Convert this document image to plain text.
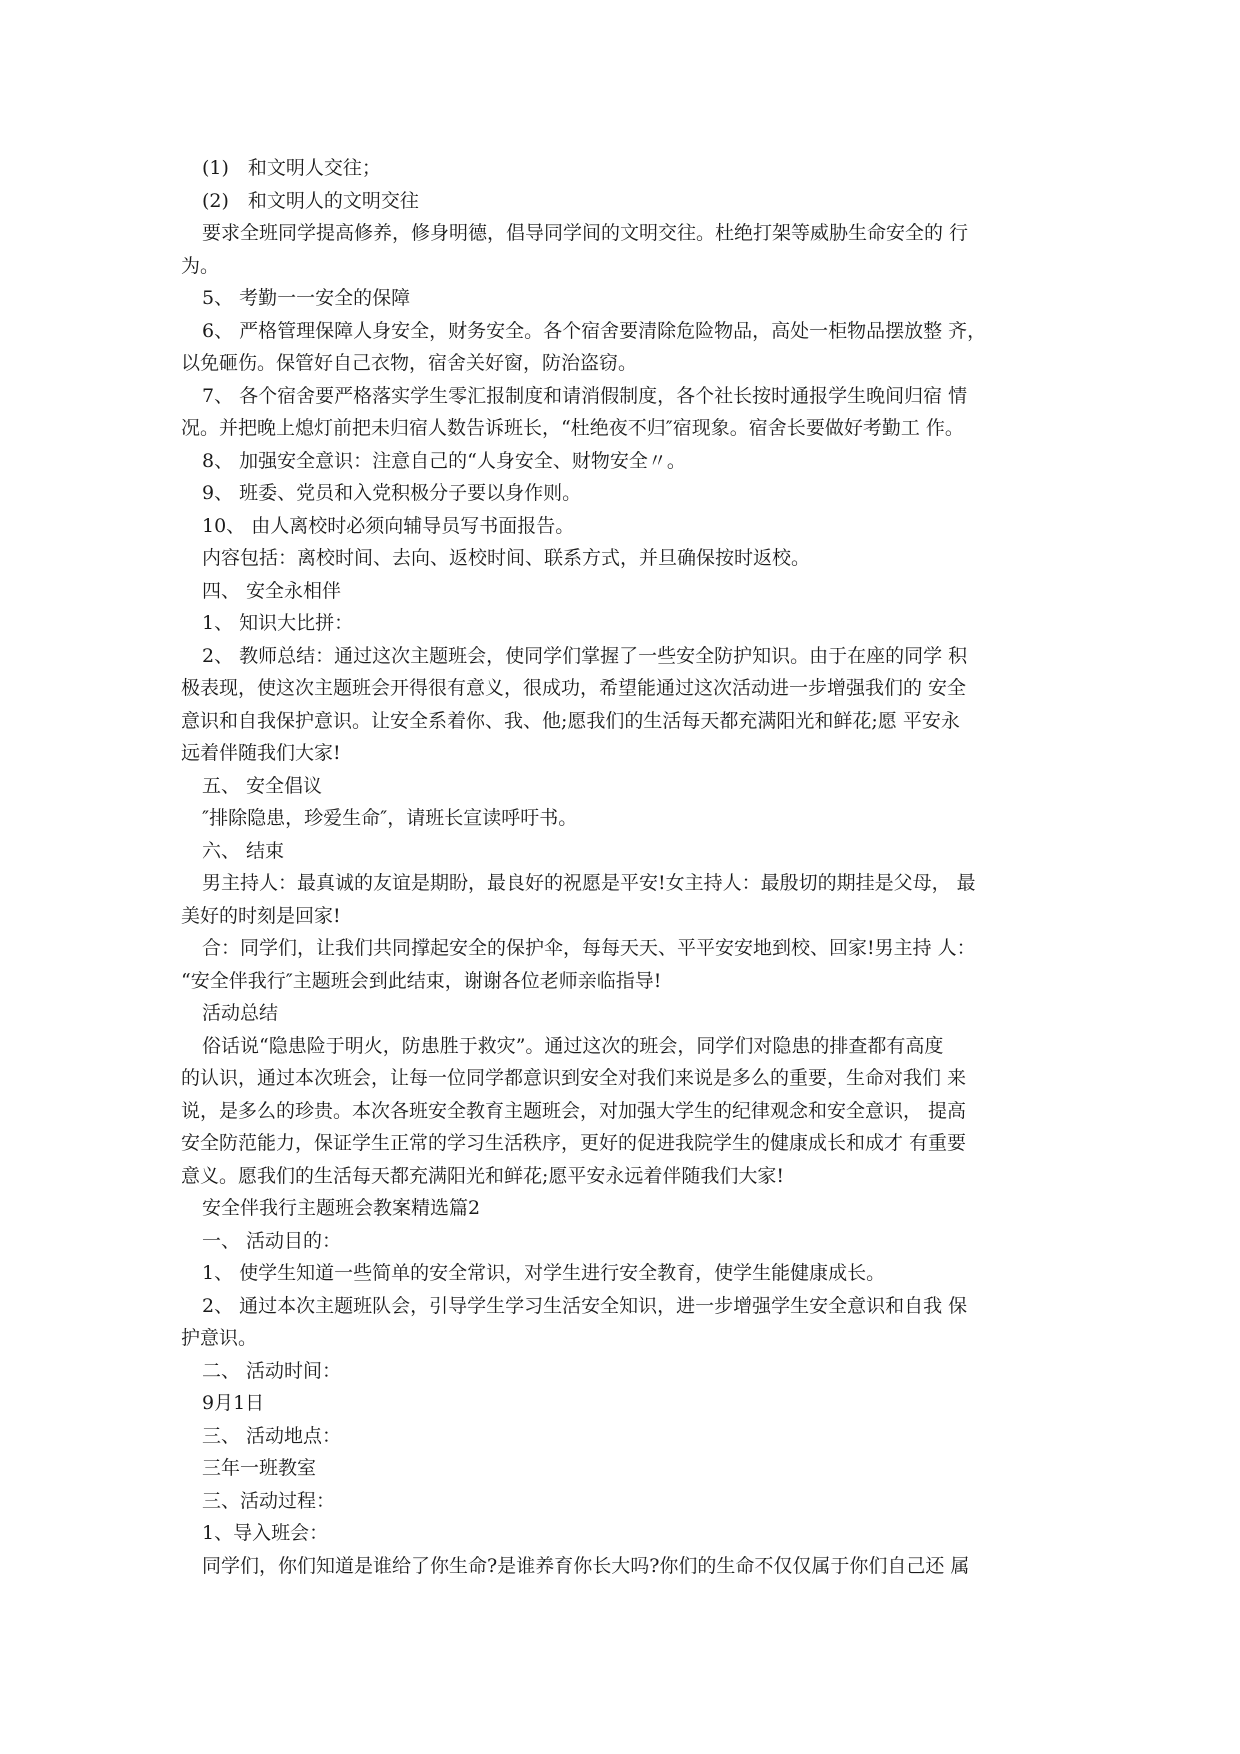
(1)　和文明人交往；
(2)　和文明人的文明交往
要求全班同学提高修养，修身明德，倡导同学间的文明交往。杜绝打架等威胁生命安全的 行
为。
5、 考勤一一安全的保障
6、 严格管理保障人身安全，财务安全。各个宿舍要清除危险物品，高处一柜物品摆放整 齐，
以免砸伤。保管好自己衣物，宿舍关好窗，防治盗窃。
7、 各个宿舍要严格落实学生零汇报制度和请消假制度，各个社长按时通报学生晚间归宿 情
况。并把晚上熄灯前把未归宿人数告诉班长，“杜绝夜不归″宿现象。宿舍长要做好考勤工 作。
8、 加强安全意识：注意自己的“人身安全、财物安全〃。
9、 班委、党员和入党积极分子要以身作则。
10、 由人离校时必须向辅导员写书面报告。
内容包括：离校时间、去向、返校时间、联系方式，并旦确保按时返校。
四、 安全永相伴
1、 知识大比拼：
2、 教师总结：通过这次主题班会，使同学们掌握了一些安全防护知识。由于在座的同学 积
极表现，使这次主题班会开得很有意义，很成功，希望能通过这次活动进一步增强我们的 安全
意识和自我保护意识。让安全系着你、我、他;愿我们的生活每天都充满阳光和鲜花;愿 平安永
远着伴随我们大家!
五、 安全倡议
″排除隐患，珍爱生命″，请班长宣读呼吁书。
六、 结束
男主持人：最真诚的友谊是期盼，最良好的祝愿是平安!女主持人：最殷切的期挂是父母， 最
美好的时刻是回家!
合：同学们，让我们共同撑起安全的保护伞，每每天天、平平安安地到校、回家!男主持 人：
“安全伴我行″主题班会到此结束，谢谢各位老师亲临指导!
活动总结
俗话说“隐患险于明火，防患胜于救灾”。通过这次的班会，同学们对隐患的排查都有高度
的认识，通过本次班会，让每一位同学都意识到安全对我们来说是多么的重要，生命对我们 来
说，是多么的珍贵。本次各班安全教育主题班会，对加强大学生的纪律观念和安全意识， 提高
安全防范能力，保证学生正常的学习生活秩序，更好的促进我院学生的健康成长和成才 有重要
意义。愿我们的生活每天都充满阳光和鲜花;愿平安永远着伴随我们大家!
安全伴我行主题班会教案精选篇2
一、 活动目的：
1、 使学生知道一些简单的安全常识，对学生进行安全教育，使学生能健康成长。
2、 通过本次主题班队会，引导学生学习生活安全知识，进一步增强学生安全意识和自我 保
护意识。
二、 活动时间：
9月1日
三、 活动地点：
三年一班教室
三、活动过程：
1、导入班会：
同学们，你们知道是谁给了你生命?是谁养育你长大吗?你们的生命不仅仅属于你们自己还 属
